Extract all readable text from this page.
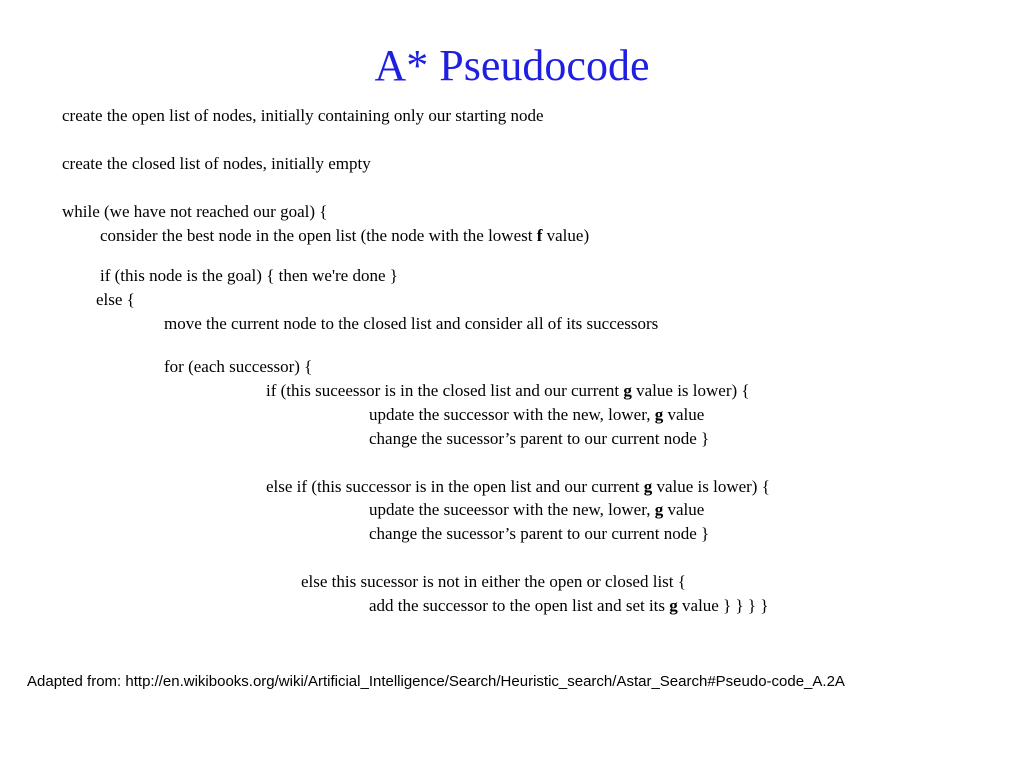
A* Pseudocode
create the open list of nodes, initially containing only our starting node
create the closed list of nodes, initially empty
while (we have not reached our goal) {
consider the best node in the open list (the node with the lowest f value)
if (this node is the goal) { then we're done }
else {
move the current node to the closed list and consider all of its successors
for (each successor) {
if (this suceessor is in the closed list and our current g value is lower) {
update the successor with the new, lower, g value
change the sucessor’s parent to our current node }
else if (this successor is in the open list and our current g value is lower) {
update the suceessor with the new, lower, g value
change the sucessor’s parent to our current node }
else this sucessor is not in either the open or closed list {
add the successor to the open list and set its g value } } } }
Adapted from: http://en.wikibooks.org/wiki/Artificial_Intelligence/Search/Heuristic_search/Astar_Search#Pseudo-code_A.2A
